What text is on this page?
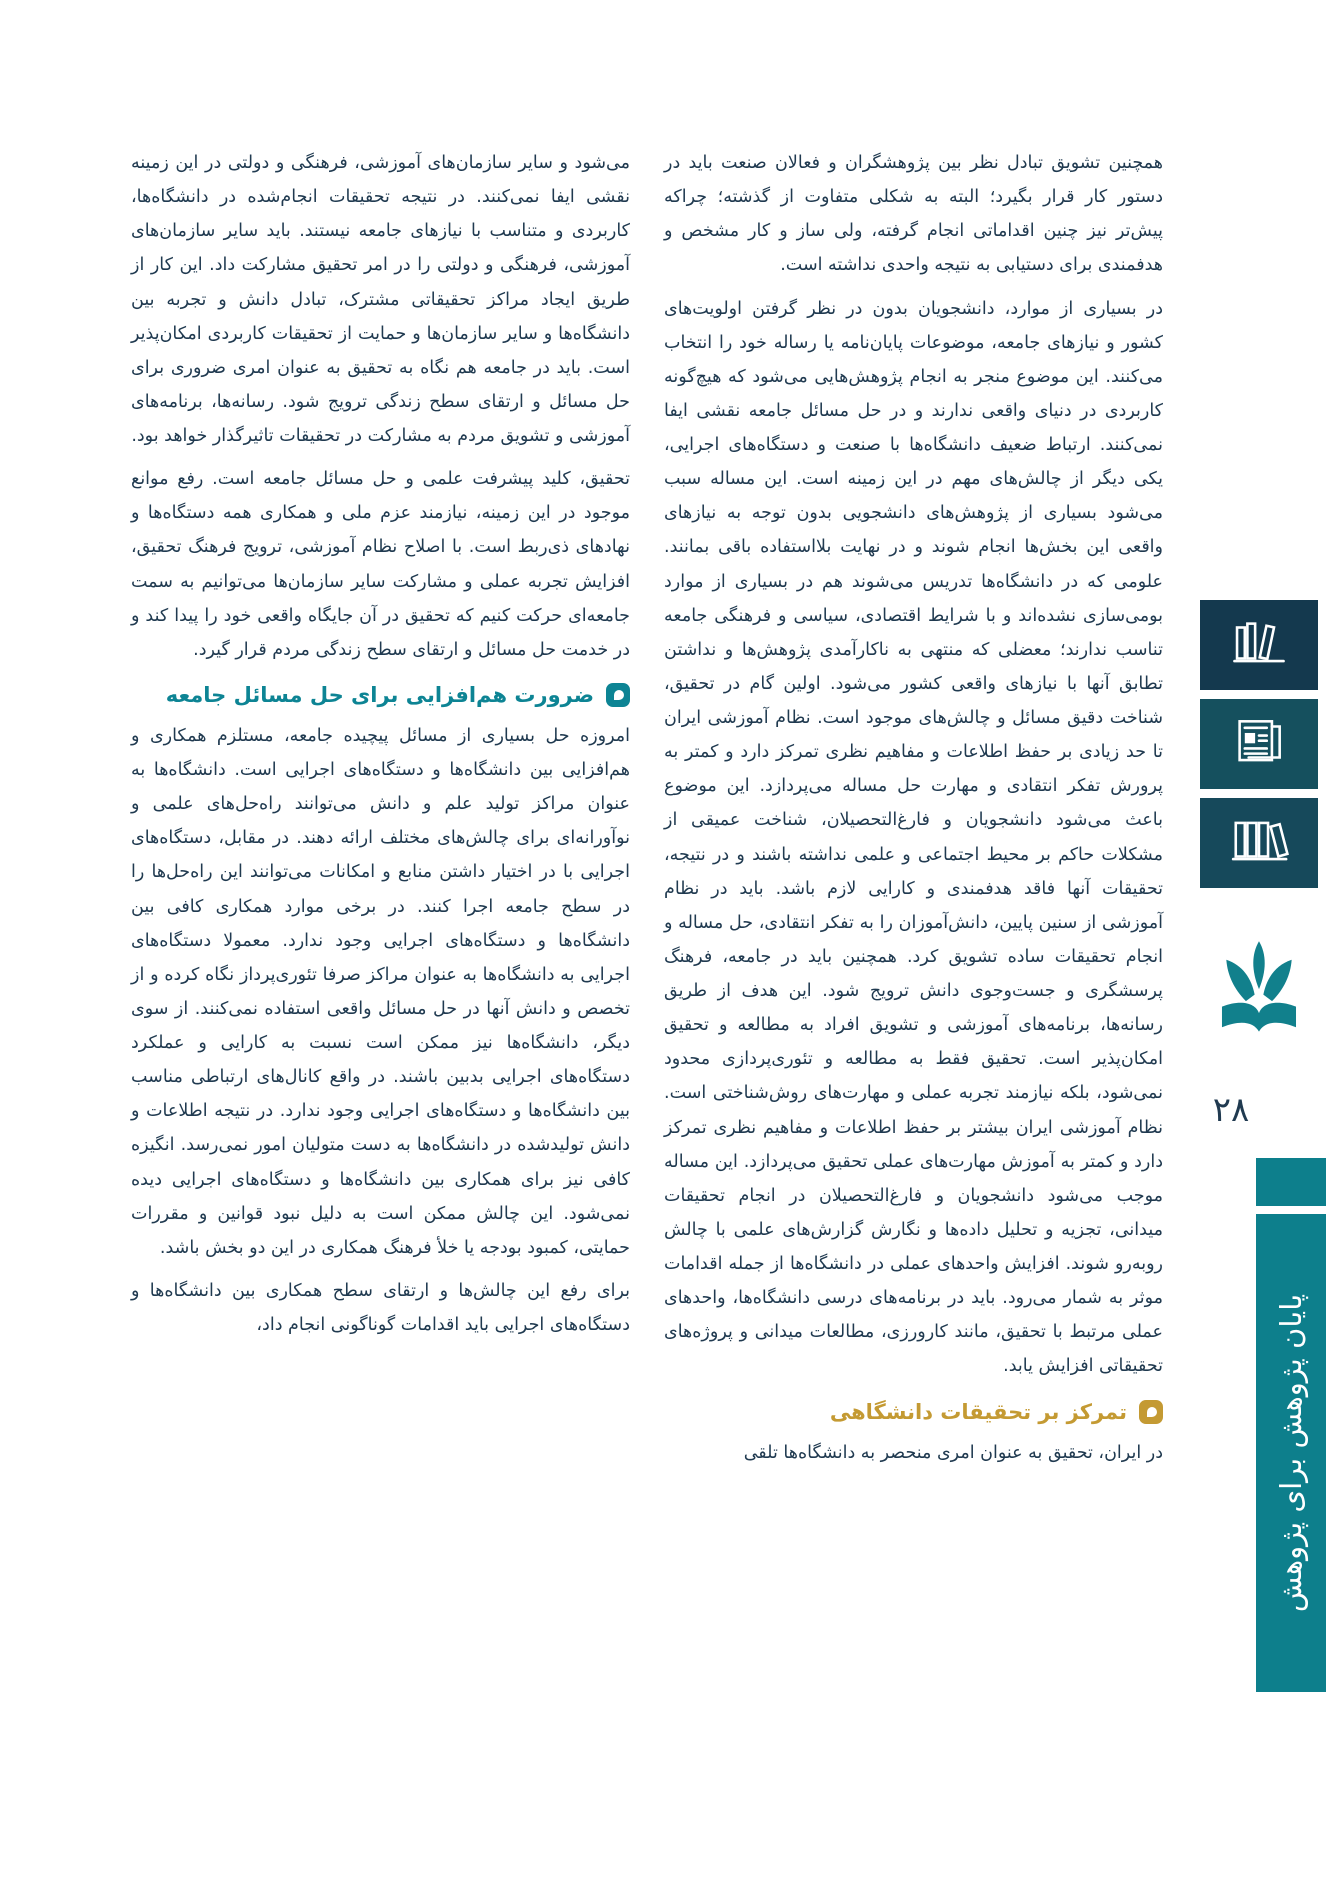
همچنین تشویق تبادل نظر بین پژوهشگران و فعالان صنعت باید در دستور کار قرار بگیرد؛ البته به شکلی متفاوت از گذشته؛ چراکه پیش‌تر نیز چنین اقداماتی انجام گرفته، ولی ساز و کار مشخص و هدفمندی برای دستیابی به نتیجه واحدی نداشته است.

در بسیاری از موارد، دانشجویان بدون در نظر گرفتن اولویت‌های کشور و نیازهای جامعه، موضوعات پایان‌نامه یا رساله خود را انتخاب می‌کنند. این موضوع منجر به انجام پژوهش‌هایی می‌شود که هیچ‌گونه کاربردی در دنیای واقعی ندارند و در حل مسائل جامعه نقشی ایفا نمی‌کنند. ارتباط ضعیف دانشگاه‌ها با صنعت و دستگاه‌های اجرایی، یکی دیگر از چالش‌های مهم در این زمینه است. این مساله سبب می‌شود بسیاری از پژوهش‌های دانشجویی بدون توجه به نیازهای واقعی این بخش‌ها انجام شوند و در نهایت بلااستفاده باقی بمانند. علومی که در دانشگاه‌ها تدریس می‌شوند هم در بسیاری از موارد بومی‌سازی نشده‌اند و با شرایط اقتصادی، سیاسی و فرهنگی جامعه تناسب ندارند؛ معضلی که منتهی به ناکارآمدی پژوهش‌ها و نداشتن تطابق آنها با نیازهای واقعی کشور می‌شود. اولین گام در تحقیق، شناخت دقیق مسائل و چالش‌های موجود است. نظام آموزشی ایران تا حد زیادی بر حفظ اطلاعات و مفاهیم نظری تمرکز دارد و کمتر به پرورش تفکر انتقادی و مهارت حل مساله می‌پردازد. این موضوع باعث می‌شود دانشجویان و فارغ‌التحصیلان، شناخت عمیقی از مشکلات حاکم بر محیط اجتماعی و علمی نداشته باشند و در نتیجه، تحقیقات آنها فاقد هدفمندی و کارایی لازم باشد. باید در نظام آموزشی از سنین پایین، دانش‌آموزان را به تفکر انتقادی، حل مساله و انجام تحقیقات ساده تشویق کرد. همچنین باید در جامعه، فرهنگ پرسشگری و جست‌وجوی دانش ترویج شود. این هدف از طریق رسانه‌ها، برنامه‌های آموزشی و تشویق افراد به مطالعه و تحقیق امکان‌پذیر است. تحقیق فقط به مطالعه و تئوری‌پردازی محدود نمی‌شود، بلکه نیازمند تجربه عملی و مهارت‌های روش‌شناختی است. نظام آموزشی ایران بیشتر بر حفظ اطلاعات و مفاهیم نظری تمرکز دارد و کمتر به آموزش مهارت‌های عملی تحقیق می‌پردازد. این مساله موجب می‌شود دانشجویان و فارغ‌التحصیلان در انجام تحقیقات میدانی، تجزیه و تحلیل داده‌ها و نگارش گزارش‌های علمی با چالش روبه‌رو شوند. افزایش واحدهای عملی در دانشگاه‌ها از جمله اقدامات موثر به شمار می‌رود. باید در برنامه‌های درسی دانشگاه‌ها، واحدهای عملی مرتبط با تحقیق، مانند کارورزی، مطالعات میدانی و پروژه‌های تحقیقاتی افزایش یابد.

تمرکز بر تحقیقات دانشگاهی

در ایران، تحقیق به عنوان امری منحصر به دانشگاه‌ها تلقی

می‌شود و سایر سازمان‌های آموزشی، فرهنگی و دولتی در این زمینه نقشی ایفا نمی‌کنند. در نتیجه تحقیقات انجام‌شده در دانشگاه‌ها، کاربردی و متناسب با نیازهای جامعه نیستند. باید سایر سازمان‌های آموزشی، فرهنگی و دولتی را در امر تحقیق مشارکت داد. این کار از طریق ایجاد مراکز تحقیقاتی مشترک، تبادل دانش و تجربه بین دانشگاه‌ها و سایر سازمان‌ها و حمایت از تحقیقات کاربردی امکان‌پذیر است. باید در جامعه هم نگاه به تحقیق به عنوان امری ضروری برای حل مسائل و ارتقای سطح زندگی ترویج شود. رسانه‌ها، برنامه‌های آموزشی و تشویق مردم به مشارکت در تحقیقات تاثیرگذار خواهد بود.

تحقیق، کلید پیشرفت علمی و حل مسائل جامعه است. رفع موانع موجود در این زمینه، نیازمند عزم ملی و همکاری همه دستگاه‌ها و نهادهای ذی‌ربط است. با اصلاح نظام آموزشی، ترویج فرهنگ تحقیق، افزایش تجربه عملی و مشارکت سایر سازمان‌ها می‌توانیم به سمت جامعه‌ای حرکت کنیم که تحقیق در آن جایگاه واقعی خود را پیدا کند و در خدمت حل مسائل و ارتقای سطح زندگی مردم قرار گیرد.

ضرورت هم‌افزایی برای حل مسائل جامعه

امروزه حل بسیاری از مسائل پیچیده جامعه، مستلزم همکاری و هم‌افزایی بین دانشگاه‌ها و دستگاه‌های اجرایی است. دانشگاه‌ها به عنوان مراکز تولید علم و دانش می‌توانند راه‌حل‌های علمی و نوآورانه‌ای برای چالش‌های مختلف ارائه دهند. در مقابل، دستگاه‌های اجرایی با در اختیار داشتن منابع و امکانات می‌توانند این راه‌حل‌ها را در سطح جامعه اجرا کنند. در برخی موارد همکاری کافی بین دانشگاه‌ها و دستگاه‌های اجرایی وجود ندارد. معمولا دستگاه‌های اجرایی به دانشگاه‌ها به عنوان مراکز صرفا تئوری‌پرداز نگاه کرده و از تخصص و دانش آنها در حل مسائل واقعی استفاده نمی‌کنند. از سوی دیگر، دانشگاه‌ها نیز ممکن است نسبت به کارایی و عملکرد دستگاه‌های اجرایی بدبین باشند. در واقع کانال‌های ارتباطی مناسب بین دانشگاه‌ها و دستگاه‌های اجرایی وجود ندارد. در نتیجه اطلاعات و دانش تولیدشده در دانشگاه‌ها به دست متولیان امور نمی‌رسد. انگیزه کافی نیز برای همکاری بین دانشگاه‌ها و دستگاه‌های اجرایی دیده نمی‌شود. این چالش ممکن است به دلیل نبود قوانین و مقررات حمایتی، کمبود بودجه یا خلأ فرهنگ همکاری در این دو بخش باشد.

برای رفع این چالش‌ها و ارتقای سطح همکاری بین دانشگاه‌ها و دستگاه‌های اجرایی باید اقدامات گوناگونی انجام داد،

۲۸
پایان پژوهش برای پژوهش
